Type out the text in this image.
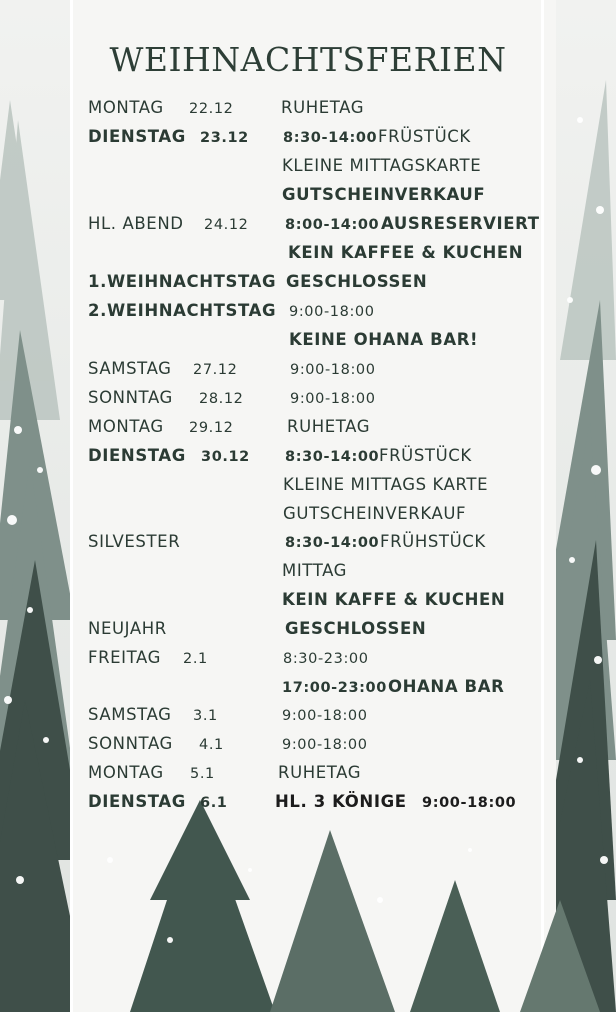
WEIHNACHTSFERIEN
MONTAG 22.12	RUHETAG
DIENSTAG 23.12 8:30-14:00 FRÜSTÜCK
KLEINE MITTAGSKARTE
GUTSCHEINVERKAUF
HL. ABEND 24.12	8:00-14:00 AUSRESERVIERT
KEIN KAFFEE & KUCHEN
1.WEIHNACHTSTAG GESCHLOSSEN
2.WEIHNACHTSTAG 9:00-18:00
KEINE OHANA BAR!
SAMSTAG 27.12	9:00-18:00
SONNTAG 28.12	9:00-18:00
MONTAG 29.12	RUHETAG
DIENSTAG 30.12 8:30-14:00 FRÜSTÜCK
KLEINE MITTAGS KARTE
GUTSCHEINVERKAUF
SILVESTER	8:30-14:00 FRÜHSTÜCK
MITTAG
KEIN KAFFE & KUCHEN
NEUJAHR	GESCHLOSSEN
FREITAG 2.1	8:30-23:00
17:00-23:00 OHANA BAR
SAMSTAG 3.1	9:00-18:00
SONNTAG 4.1	9:00-18:00
MONTAG 5.1	RUHETAG
DIENSTAG 6.1	HL. 3 KÖNIGE 9:00-18:00
